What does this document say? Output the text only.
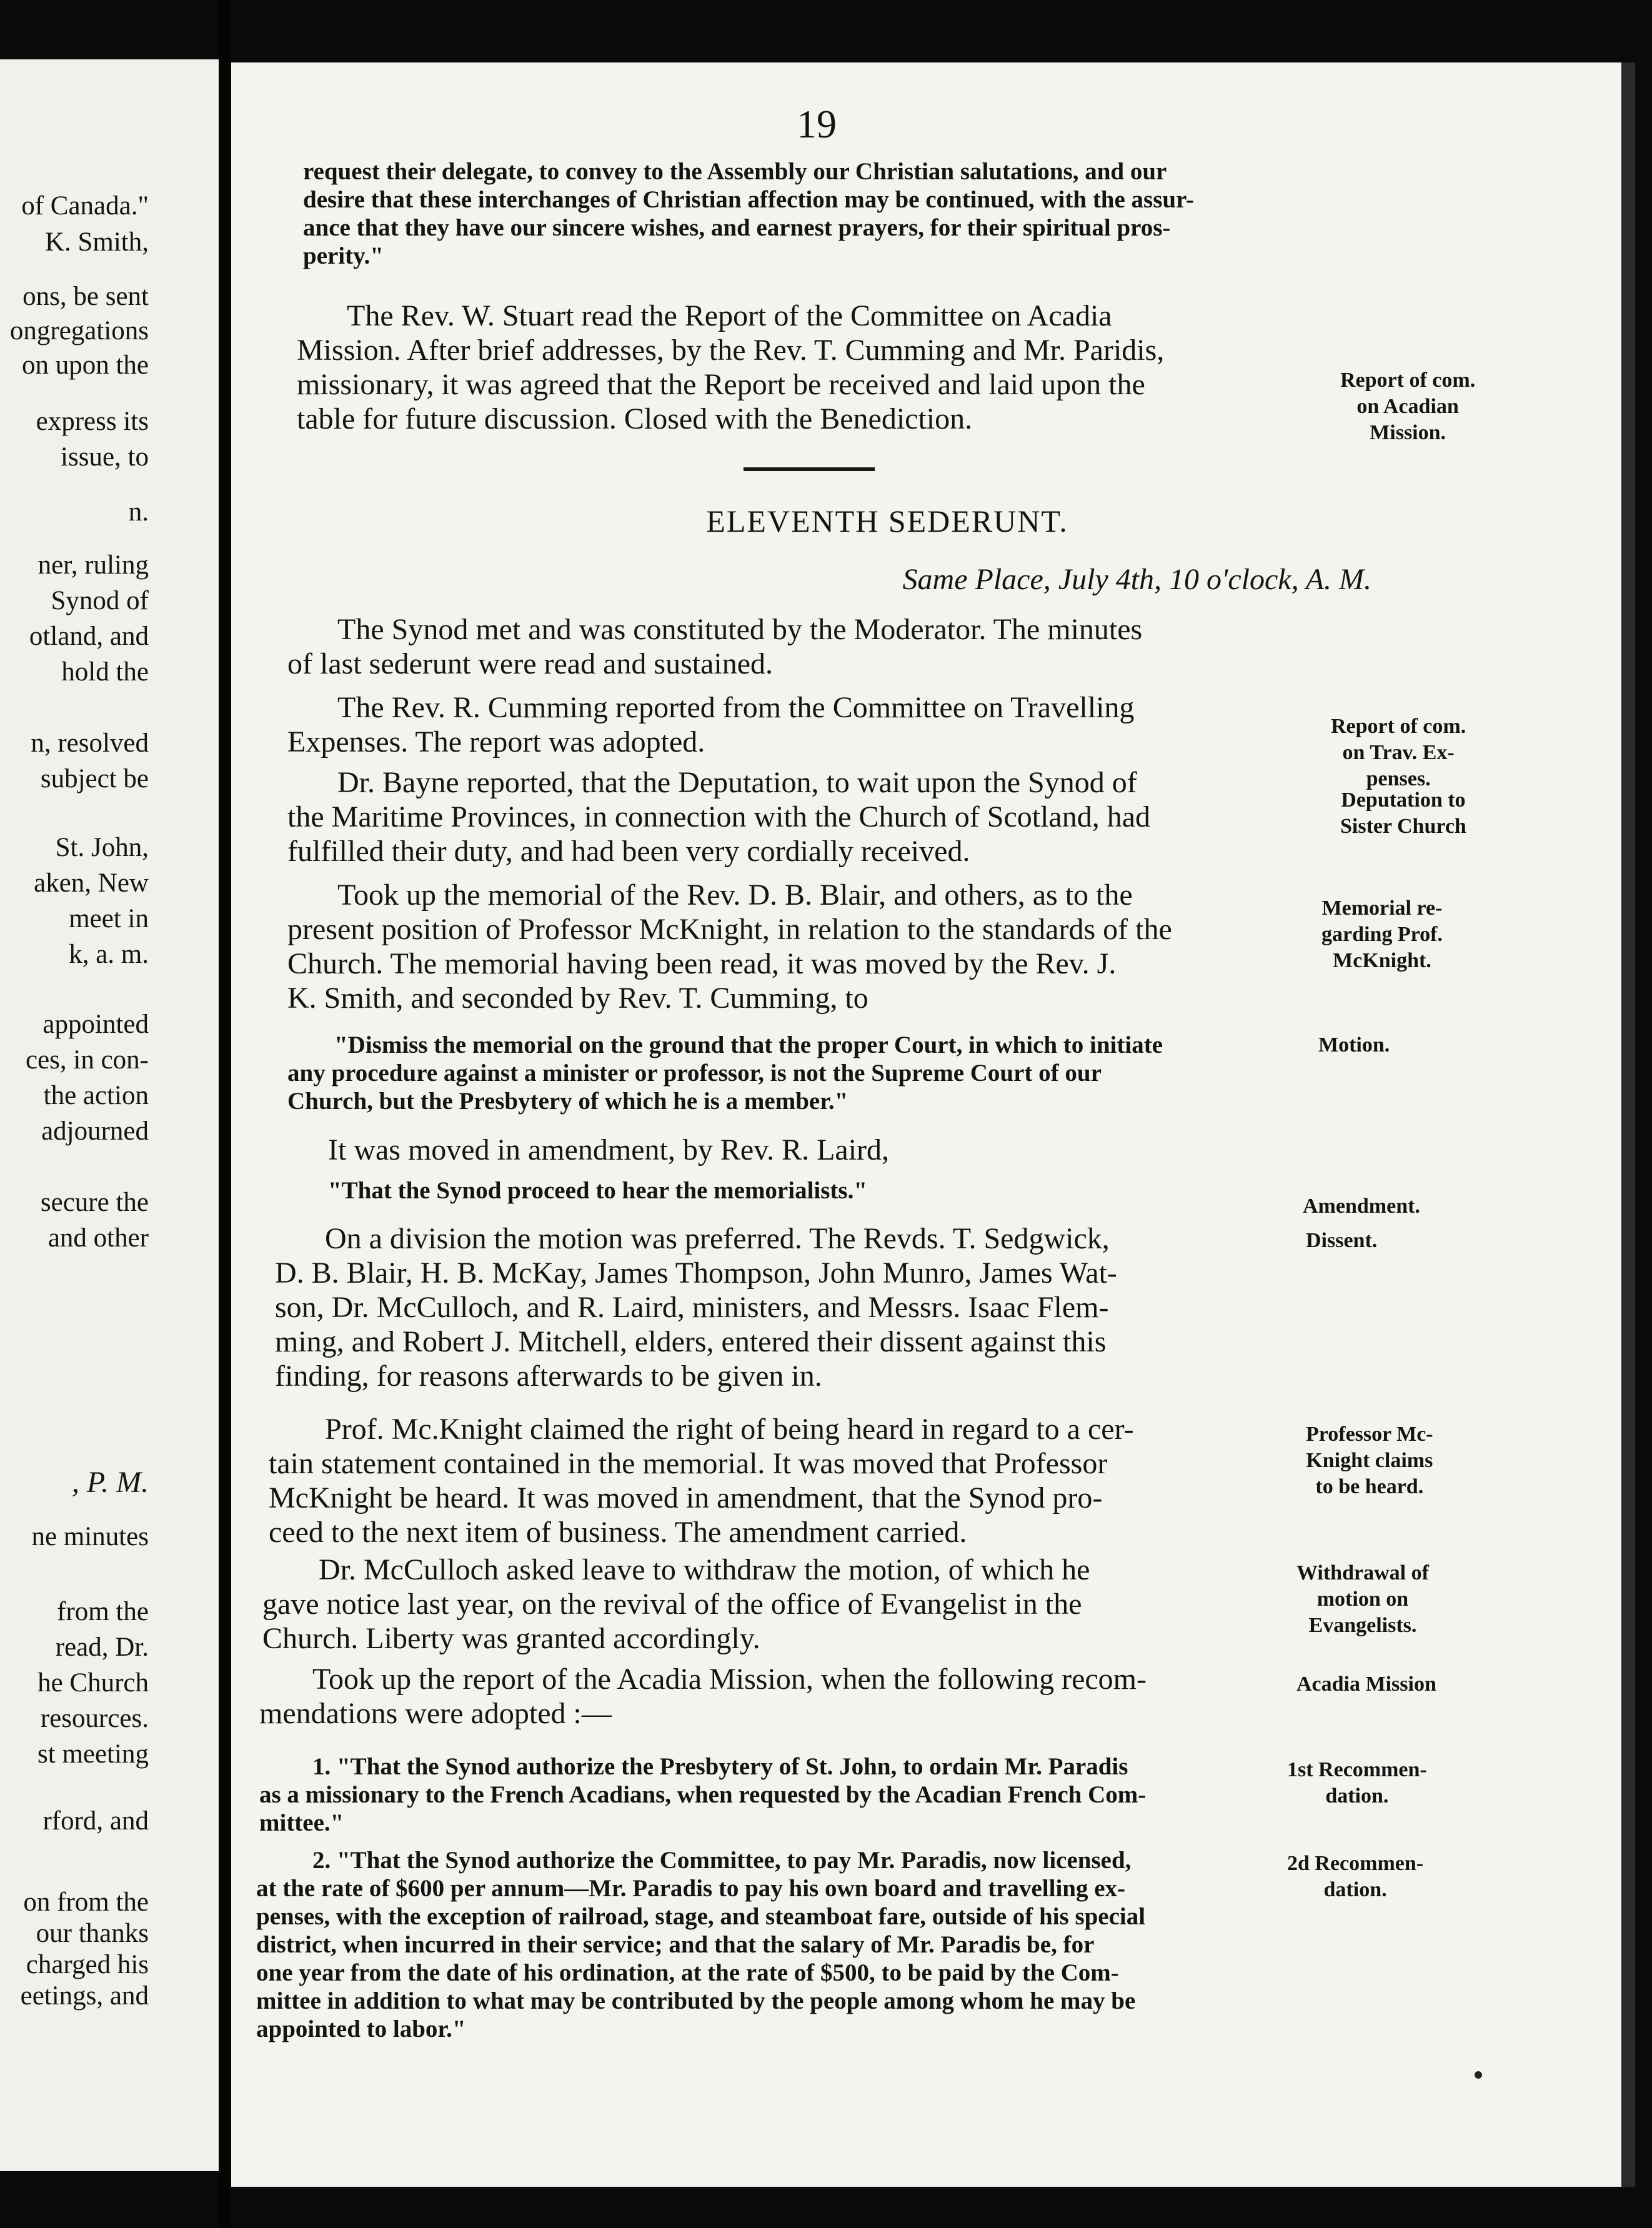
of Canada."
K. Smith,
ons, be sent
ongregations
on upon the
express its
issue, to
n.
ner, ruling
Synod of
otland, and
hold the
n, resolved
subject be
St. John,
aken, New
meet in
k, a. m.
appointed
ces, in con-
the action
adjourned
secure the
and other
, P. M.
ne minutes
from the
read, Dr.
he Church
resources.
st meeting
rford, and
on from the
our thanks
charged his
eetings, and
19
request their delegate, to convey to the Assembly our Christian salutations, and our
desire that these interchanges of Christian affection may be continued, with the assur-
ance that they have our sincere wishes, and earnest prayers, for their spiritual pros-
perity."
The Rev. W. Stuart read the Report of the Committee on Acadia
Mission. After brief addresses, by the Rev. T. Cumming and Mr. Paridis,
missionary, it was agreed that the Report be received and laid upon the
table for future discussion. Closed with the Benediction.
ELEVENTH SEDERUNT.
Same Place, July 4th, 10 o'clock, A. M.
The Synod met and was constituted by the Moderator. The minutes
of last sederunt were read and sustained.
The Rev. R. Cumming reported from the Committee on Travelling
Expenses. The report was adopted.
Dr. Bayne reported, that the Deputation, to wait upon the Synod of
the Maritime Provinces, in connection with the Church of Scotland, had
fulfilled their duty, and had been very cordially received.
Took up the memorial of the Rev. D. B. Blair, and others, as to the
present position of Professor McKnight, in relation to the standards of the
Church. The memorial having been read, it was moved by the Rev. J.
K. Smith, and seconded by Rev. T. Cumming, to
"Dismiss the memorial on the ground that the proper Court, in which to initiate
any procedure against a minister or professor, is not the Supreme Court of our
Church, but the Presbytery of which he is a member."
It was moved in amendment, by Rev. R. Laird,
"That the Synod proceed to hear the memorialists."
On a division the motion was preferred. The Revds. T. Sedgwick,
D. B. Blair, H. B. McKay, James Thompson, John Munro, James Wat-
son, Dr. McCulloch, and R. Laird, ministers, and Messrs. Isaac Flem-
ming, and Robert J. Mitchell, elders, entered their dissent against this
finding, for reasons afterwards to be given in.
Prof. Mc.Knight claimed the right of being heard in regard to a cer-
tain statement contained in the memorial. It was moved that Professor
McKnight be heard. It was moved in amendment, that the Synod pro-
ceed to the next item of business. The amendment carried.
Dr. McCulloch asked leave to withdraw the motion, of which he
gave notice last year, on the revival of the office of Evangelist in the
Church. Liberty was granted accordingly.
Took up the report of the Acadia Mission, when the following recom-
mendations were adopted :—
1. "That the Synod authorize the Presbytery of St. John, to ordain Mr. Paradis
as a missionary to the French Acadians, when requested by the Acadian French Com-
mittee."
2. "That the Synod authorize the Committee, to pay Mr. Paradis, now licensed,
at the rate of $600 per annum—Mr. Paradis to pay his own board and travelling ex-
penses, with the exception of railroad, stage, and steamboat fare, outside of his special
district, when incurred in their service; and that the salary of Mr. Paradis be, for
one year from the date of his ordination, at the rate of $500, to be paid by the Com-
mittee in addition to what may be contributed by the people among whom he may be
appointed to labor."
Report of com.
on Acadian
Mission.
Report of com.
on Trav. Ex-
penses.
Deputation to
Sister Church
Memorial re-
garding Prof.
McKnight.
Motion.
Amendment.
Dissent.
Professor Mc-
Knight claims
to be heard.
Withdrawal of
motion on
Evangelists.
Acadia Mission
1st Recommen-
dation.
2d Recommen-
dation.
